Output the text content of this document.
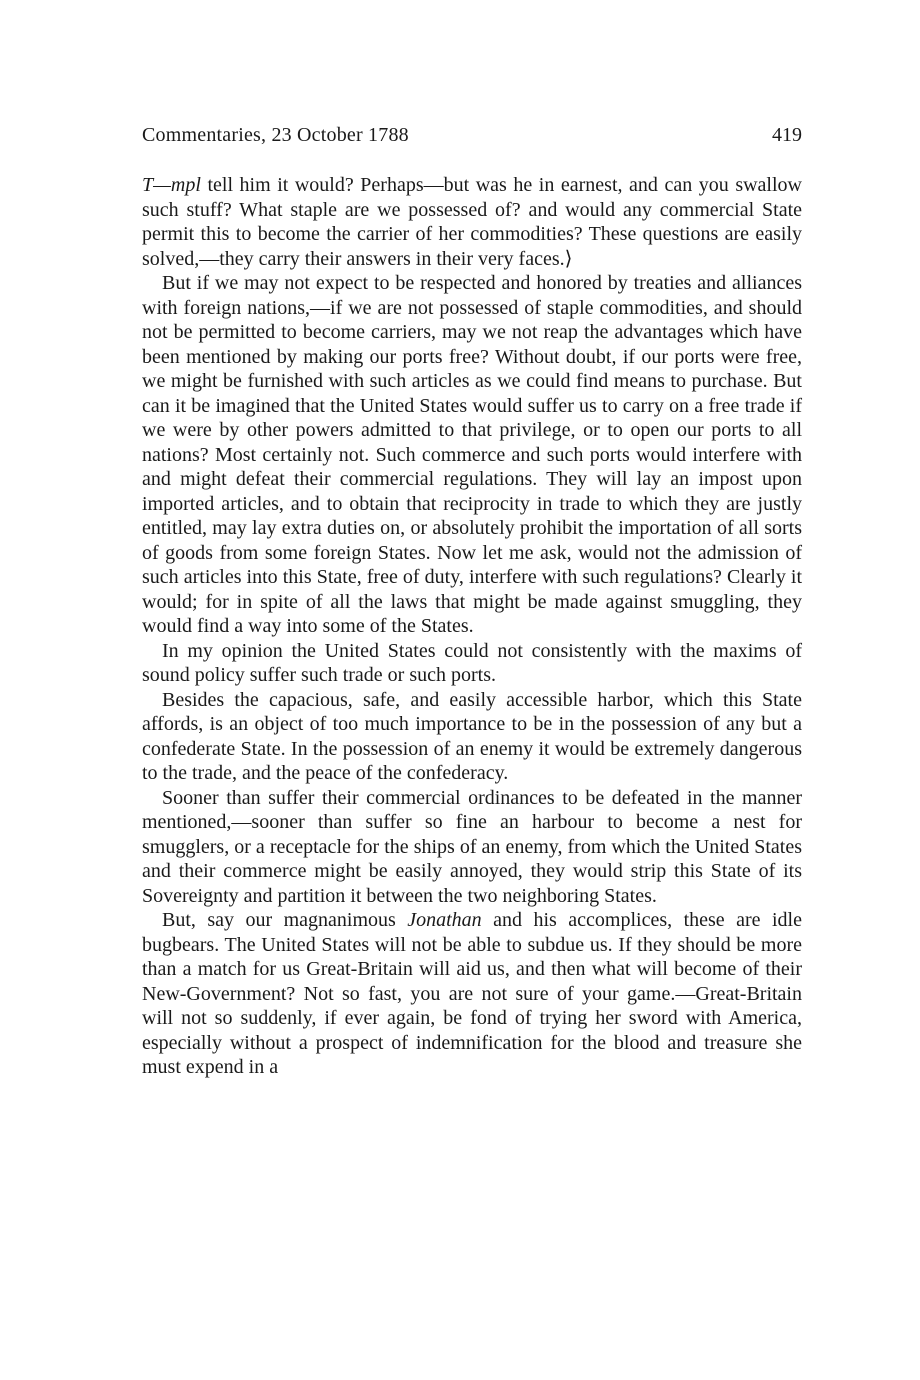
Commentaries, 23 October 1788	419

T—mpl tell him it would? Perhaps—but was he in earnest, and can you swallow such stuff? What staple are we possessed of? and would any commercial State permit this to become the carrier of her commodities? These questions are easily solved,—they carry their answers in their very faces.⟩

But if we may not expect to be respected and honored by treaties and alliances with foreign nations,—if we are not possessed of staple commodities, and should not be permitted to become carriers, may we not reap the advantages which have been mentioned by making our ports free? Without doubt, if our ports were free, we might be furnished with such articles as we could find means to purchase. But can it be imagined that the United States would suffer us to carry on a free trade if we were by other powers admitted to that privilege, or to open our ports to all nations? Most certainly not. Such commerce and such ports would interfere with and might defeat their commercial regulations. They will lay an impost upon imported articles, and to obtain that reciprocity in trade to which they are justly entitled, may lay extra duties on, or absolutely prohibit the importation of all sorts of goods from some foreign States. Now let me ask, would not the admission of such articles into this State, free of duty, interfere with such regulations? Clearly it would; for in spite of all the laws that might be made against smuggling, they would find a way into some of the States.

In my opinion the United States could not consistently with the maxims of sound policy suffer such trade or such ports.

Besides the capacious, safe, and easily accessible harbor, which this State affords, is an object of too much importance to be in the possession of any but a confederate State. In the possession of an enemy it would be extremely dangerous to the trade, and the peace of the confederacy.

Sooner than suffer their commercial ordinances to be defeated in the manner mentioned,—sooner than suffer so fine an harbour to become a nest for smugglers, or a receptacle for the ships of an enemy, from which the United States and their commerce might be easily annoyed, they would strip this State of its Sovereignty and partition it between the two neighboring States.

But, say our magnanimous Jonathan and his accomplices, these are idle bugbears. The United States will not be able to subdue us. If they should be more than a match for us Great-Britain will aid us, and then what will become of their New-Government? Not so fast, you are not sure of your game.—Great-Britain will not so suddenly, if ever again, be fond of trying her sword with America, especially without a prospect of indemnification for the blood and treasure she must expend in a
